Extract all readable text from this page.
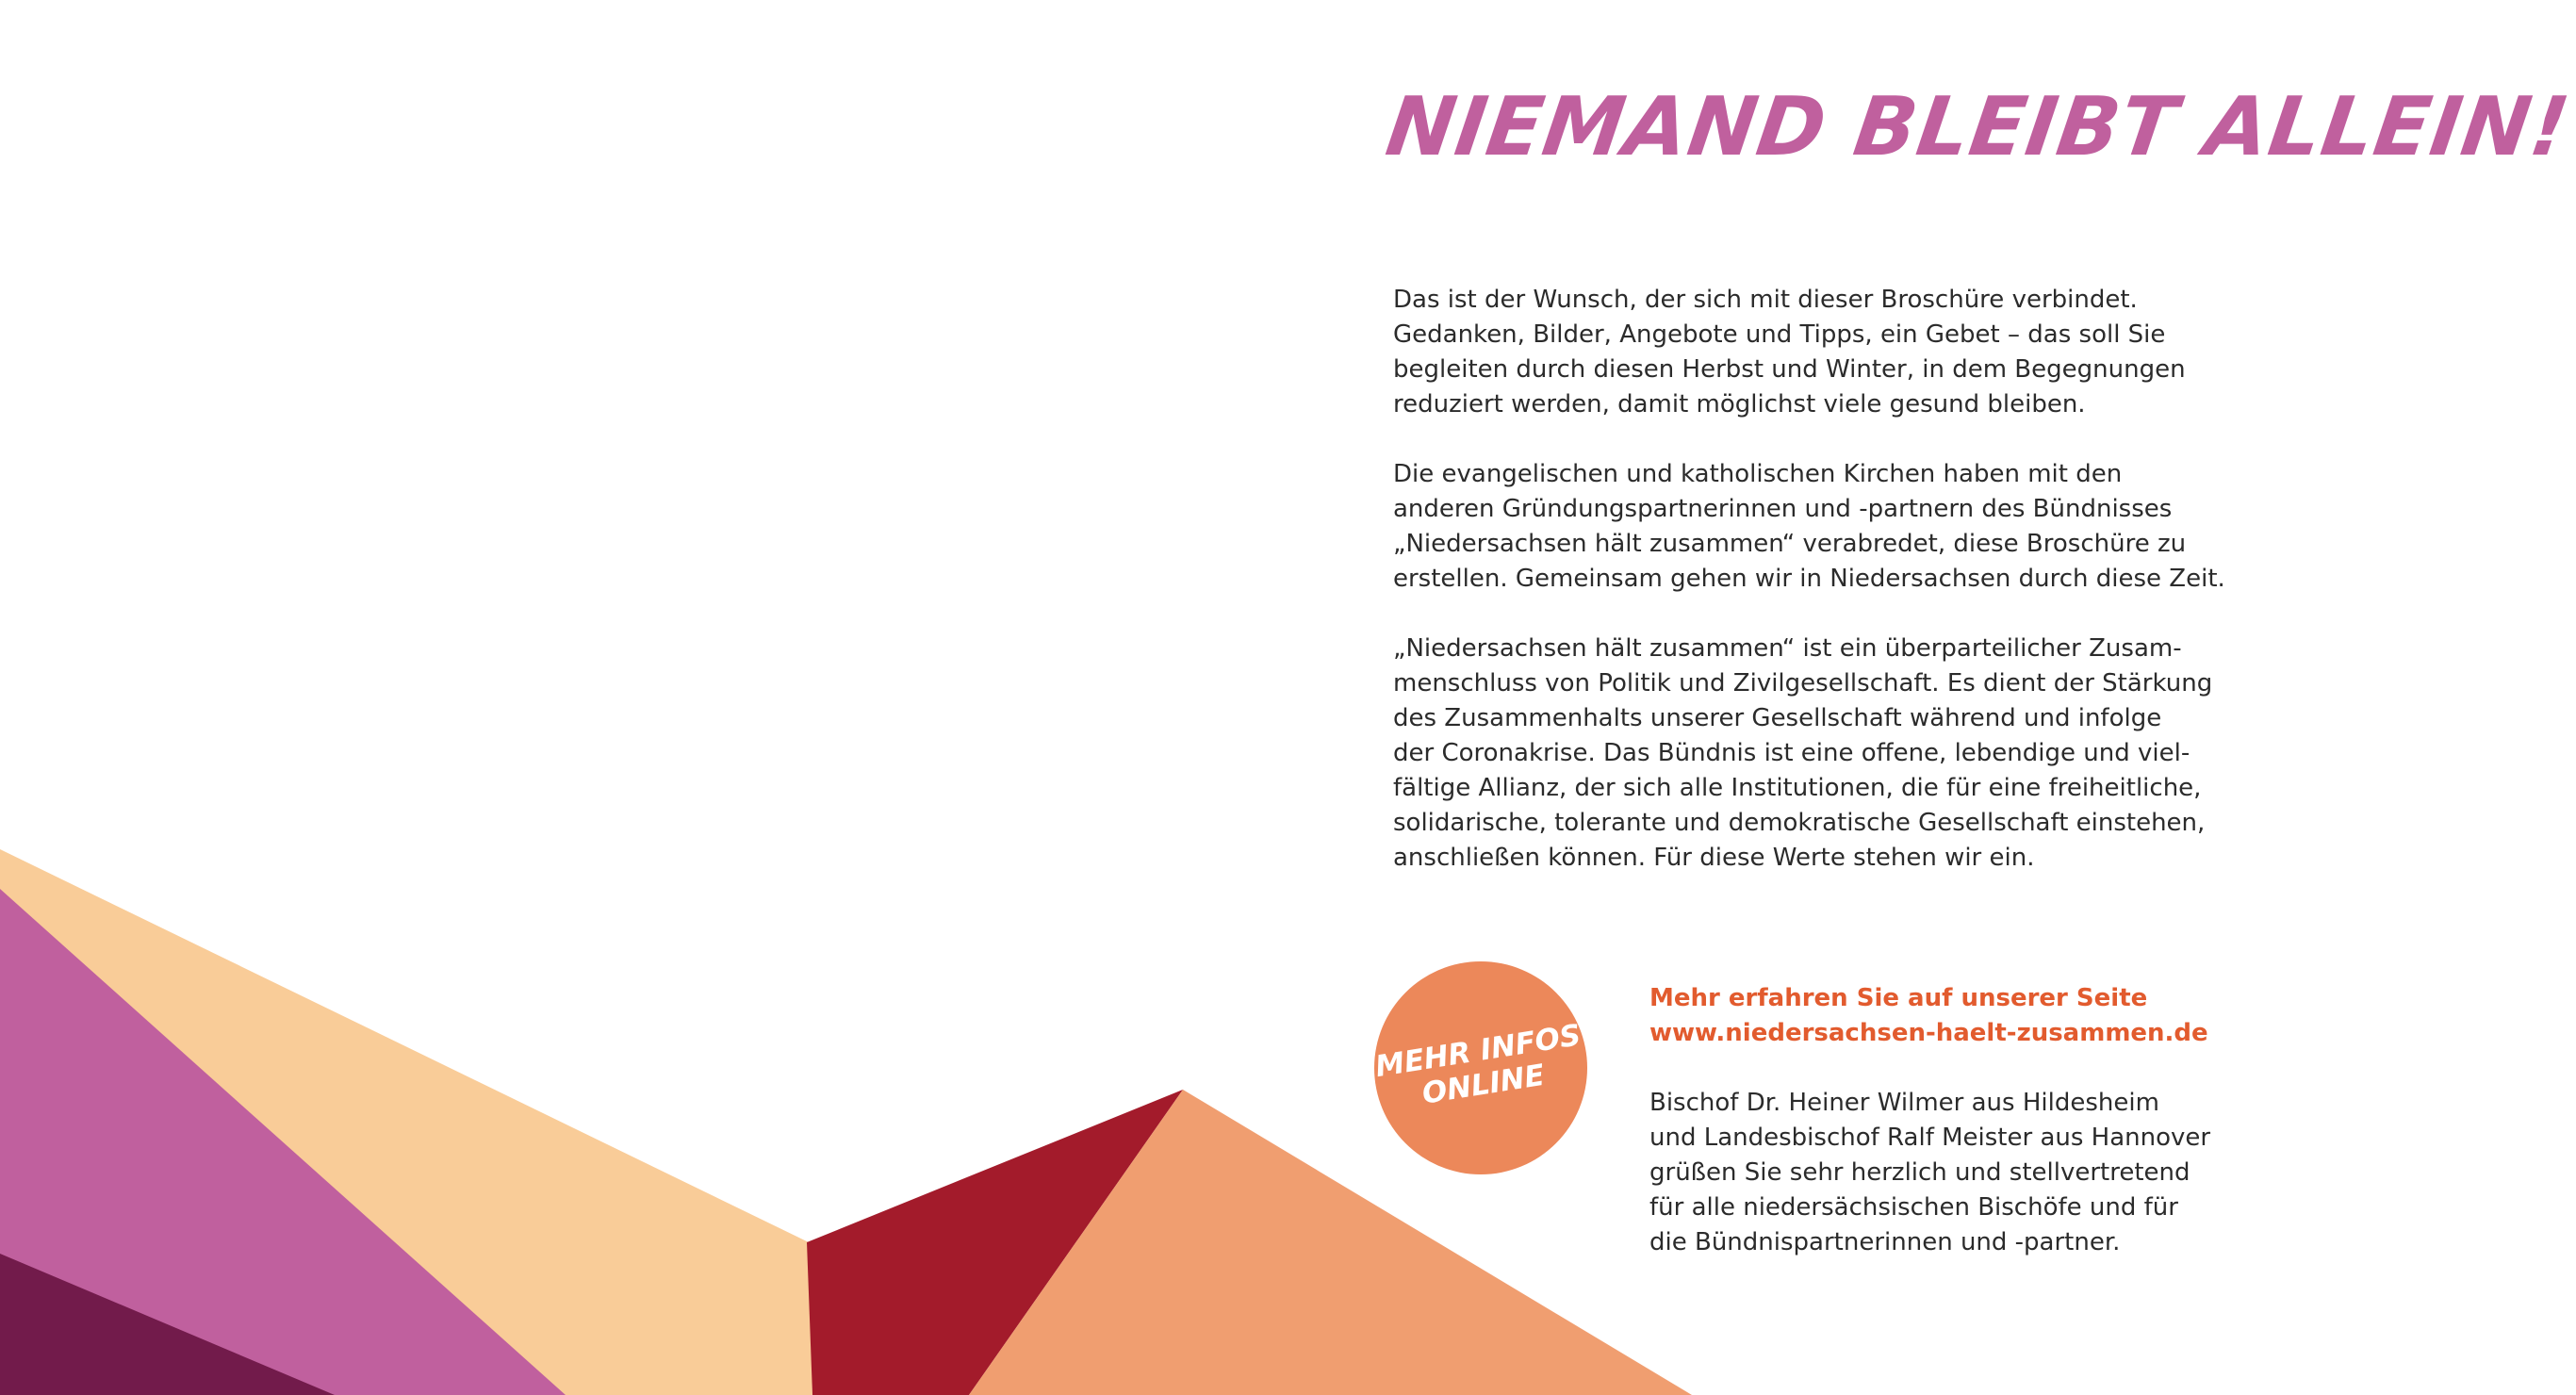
NIEMAND BLEIBT ALLEIN!

Das ist der Wunsch, der sich mit dieser Broschüre verbindet.
Gedanken, Bilder, Angebote und Tipps, ein Gebet – das soll Sie
begleiten durch diesen Herbst und Winter, in dem Begegnungen
reduziert werden, damit möglichst viele gesund bleiben.

Die evangelischen und katholischen Kirchen haben mit den
anderen Gründungspartnerinnen und -partnern des Bündnisses
„Niedersachsen hält zusammen“ verabredet, diese Broschüre zu
erstellen. Gemeinsam gehen wir in Niedersachsen durch diese Zeit.

„Niedersachsen hält zusammen“ ist ein überparteilicher Zusam-
menschluss von Politik und Zivilgesellschaft. Es dient der Stärkung
des Zusammenhalts unserer Gesellschaft während und infolge
der Coronakrise. Das Bündnis ist eine offene, lebendige und viel-
fältige Allianz, der sich alle Institutionen, die für eine freiheitliche,
solidarische, tolerante und demokratische Gesellschaft einstehen,
anschließen können. Für diese Werte stehen wir ein.

MEHR INFOS
ONLINE

Mehr erfahren Sie auf unserer Seite
www.niedersachsen-haelt-zusammen.de

Bischof Dr. Heiner Wilmer aus Hildesheim
und Landesbischof Ralf Meister aus Hannover
grüßen Sie sehr herzlich und stellvertretend
für alle niedersächsischen Bischöfe und für
die Bündnispartnerinnen und -partner.
